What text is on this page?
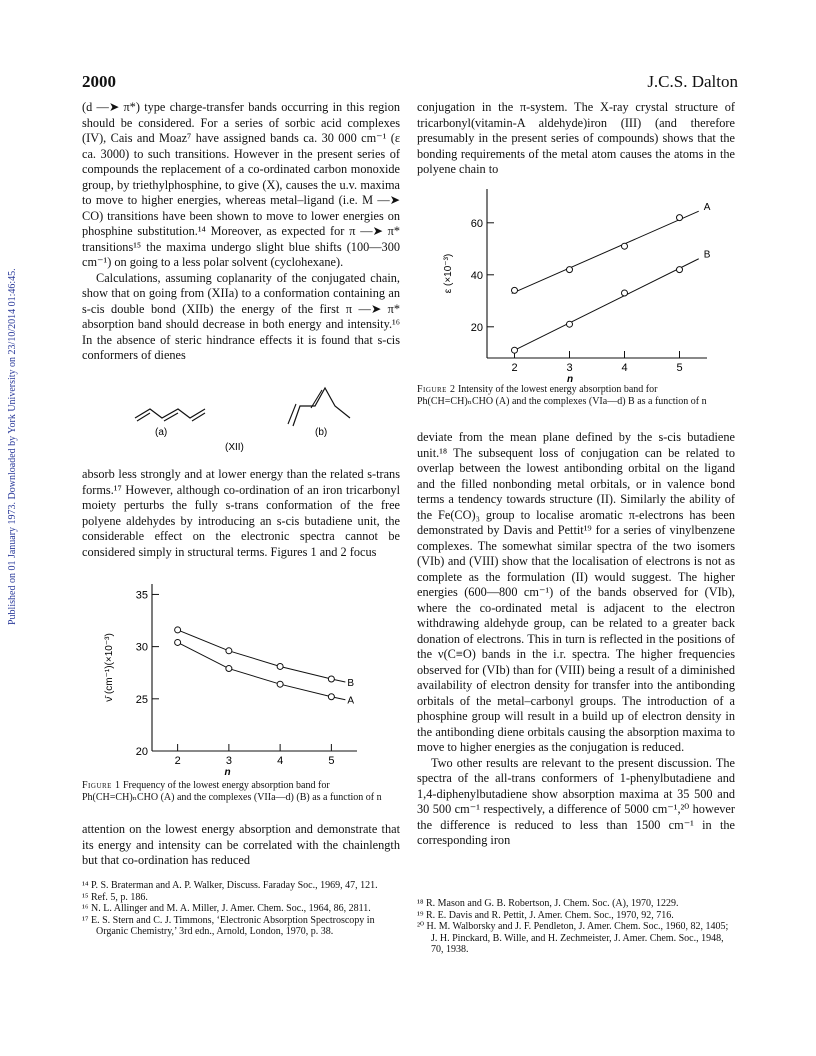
2000	J.C.S. Dalton
Published on 01 January 1973. Downloaded by York University on 23/10/2014 01:46:45.

(d —➤ π*) type charge-transfer bands occurring in this region should be considered. For a series of sorbic acid complexes (IV), Cais and Moaz⁷ have assigned bands ca. 30 000 cm⁻¹ (ε ca. 3000) to such transitions. However in the present series of compounds the replacement of a co-ordinated carbon monoxide group, by triethylphosphine, to give (X), causes the u.v. maxima to move to higher energies, whereas metal–ligand (i.e. M —➤ CO) transitions have been shown to move to lower energies on phosphine substitution.¹⁴ Moreover, as expected for π —➤ π* transitions¹⁵ the maxima undergo slight blue shifts (100—300 cm⁻¹) on going to a less polar solvent (cyclohexane).

Calculations, assuming coplanarity of the conjugated chain, show that on going from (XIIa) to a conformation containing an s-cis double bond (XIIb) the energy of the first π —➤ π* absorption band should decrease in both energy and intensity.¹⁶ In the absence of steric hindrance effects it is found that s-cis conformers of dienes

(a)	(b)
(XII)

absorb less strongly and at lower energy than the related s-trans forms.¹⁷ However, although co-ordination of an iron tricarbonyl moiety perturbs the fully s-trans conformation of the free polyene aldehydes by introducing an s-cis butadiene unit, the considerable effect on the electronic spectra cannot be considered simply in structural terms. Figures 1 and 2 focus

20
25
30
35
2	3	4	5
n
ν̄ (cm⁻¹)(×10⁻³)	B
A
Figure 1 Frequency of the lowest energy absorption band for Ph(CH=CH)ₙCHO (A) and the complexes (VIIa—d) (B) as a function of n

attention on the lowest energy absorption and demonstrate that its energy and intensity can be correlated with the chainlength but that co-ordination has reduced

¹⁴ P. S. Braterman and A. P. Walker, Discuss. Faraday Soc., 1969, 47, 121.

¹⁵ Ref. 5, p. 186.

¹⁶ N. L. Allinger and M. A. Miller, J. Amer. Chem. Soc., 1964, 86, 2811.

¹⁷ E. S. Stern and C. J. Timmons, ‘Electronic Absorption Spectroscopy in Organic Chemistry,’ 3rd edn., Arnold, London, 1970, p. 38.

conjugation in the π-system. The X-ray crystal structure of tricarbonyl(vitamin-A aldehyde)iron (III) (and therefore presumably in the present series of compounds) shows that the bonding requirements of the metal atom causes the atoms in the polyene chain to

20
40
60
2	3	4	5
n
ε (×10⁻³)
A
B
Figure 2 Intensity of the lowest energy absorption band for Ph(CH=CH)ₙCHO (A) and the complexes (VIa—d) B as a function of n

deviate from the mean plane defined by the s-cis butadiene unit.¹⁸ The subsequent loss of conjugation can be related to overlap between the lowest antibonding orbital on the ligand and the filled nonbonding metal orbitals, or in valence bond terms a tendency towards structure (II). Similarly the ability of the Fe(CO)₃ group to localise aromatic π-electrons has been demonstrated by Davis and Pettit¹⁹ for a series of vinylbenzene complexes. The somewhat similar spectra of the two isomers (VIb) and (VIII) show that the localisation of electrons is not as complete as the formulation (II) would suggest. The higher energies (600—800 cm⁻¹) of the bands observed for (VIb), where the co-ordinated metal is adjacent to the electron withdrawing aldehyde group, can be related to a greater back donation of electrons. This in turn is reflected in the positions of the ν(C≡O) bands in the i.r. spectra. The higher frequencies observed for (VIb) than for (VIII) being a result of a diminished availability of electron density for transfer into the antibonding orbitals of the metal–carbonyl groups. The introduction of a phosphine group will result in a build up of electron density in the antibonding diene orbitals causing the absorption maxima to move to higher energies as the conjugation is reduced.

Two other results are relevant to the present discussion. The spectra of the all-trans conformers of 1-phenylbutadiene and 1,4-diphenylbutadiene show absorption maxima at 35 500 and 30 500 cm⁻¹ respectively, a difference of 5000 cm⁻¹,²⁰ however the difference is reduced to less than 1500 cm⁻¹ in the corresponding iron

¹⁸ R. Mason and G. B. Robertson, J. Chem. Soc. (A), 1970, 1229.

¹⁹ R. E. Davis and R. Pettit, J. Amer. Chem. Soc., 1970, 92, 716.

²⁰ H. M. Walborsky and J. F. Pendleton, J. Amer. Chem. Soc., 1960, 82, 1405; J. H. Pinckard, B. Wille, and H. Zechmeister, J. Amer. Chem. Soc., 1948, 70, 1938.
